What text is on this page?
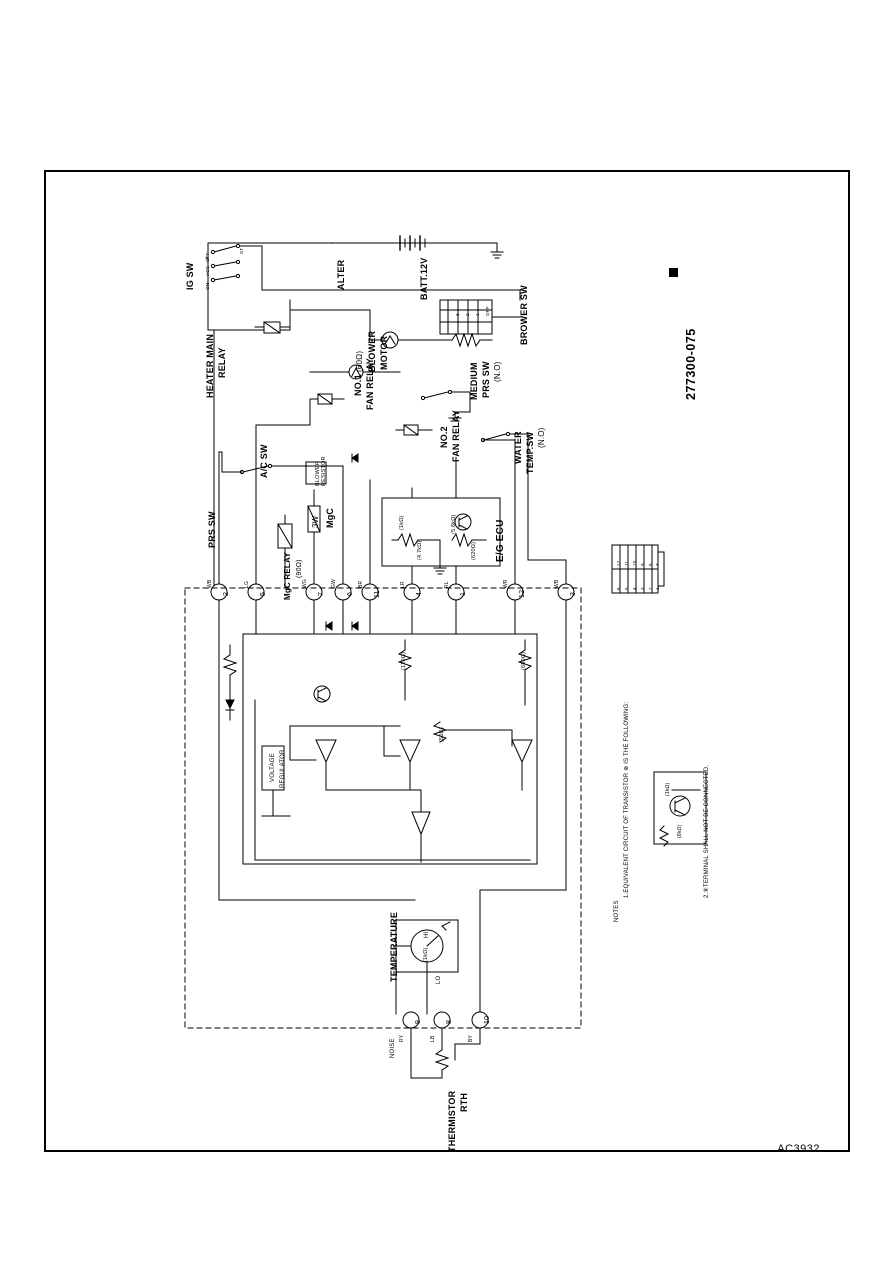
277300-075
AC3932
IG SW	ALTER	BATT.12V
BROWER SW
HEATER MAIN RELAY	BLOWER MOTOR
(60Ω) FAN RELAY
NO.1
FAN RELAY
NO.2
MEDIUM PRS SW (N.O)
WATER TEMP.SW (N.O)
A/C SW
PRS SW
MgC RELAY (90Ω)
MgC
3W
BLOWER RESISTOR
E/G ECU
(1kΩ)	(5.6kΩ)
(4.7kΩ)	(620Ω)
VOLTAGE REGULATOR
(120Ω)	(680Ω)
(56Ω)
TEMPERATURE	LO
HI
(1kΩ)
THERMISTOR RTH
NOISE
2
WB
5
LG
7
WG
6
GW
11
BR
4
LR
1
RL
12
WR
3
WB
9
RY
8
LB
10
BY
OFF
ACC
ON
ST
OFF
1
2
3
12 11 10 9 8 7
6 5 4 3 2 1
NOTES
1.EQUIVALENT CIRCUIT OF TRANSISTOR ⊗ IS THE FOLLOWING:	2.⑧TERMINAL SHALL NOT BE CONNECTED.
(1kΩ)
(8kΩ)
